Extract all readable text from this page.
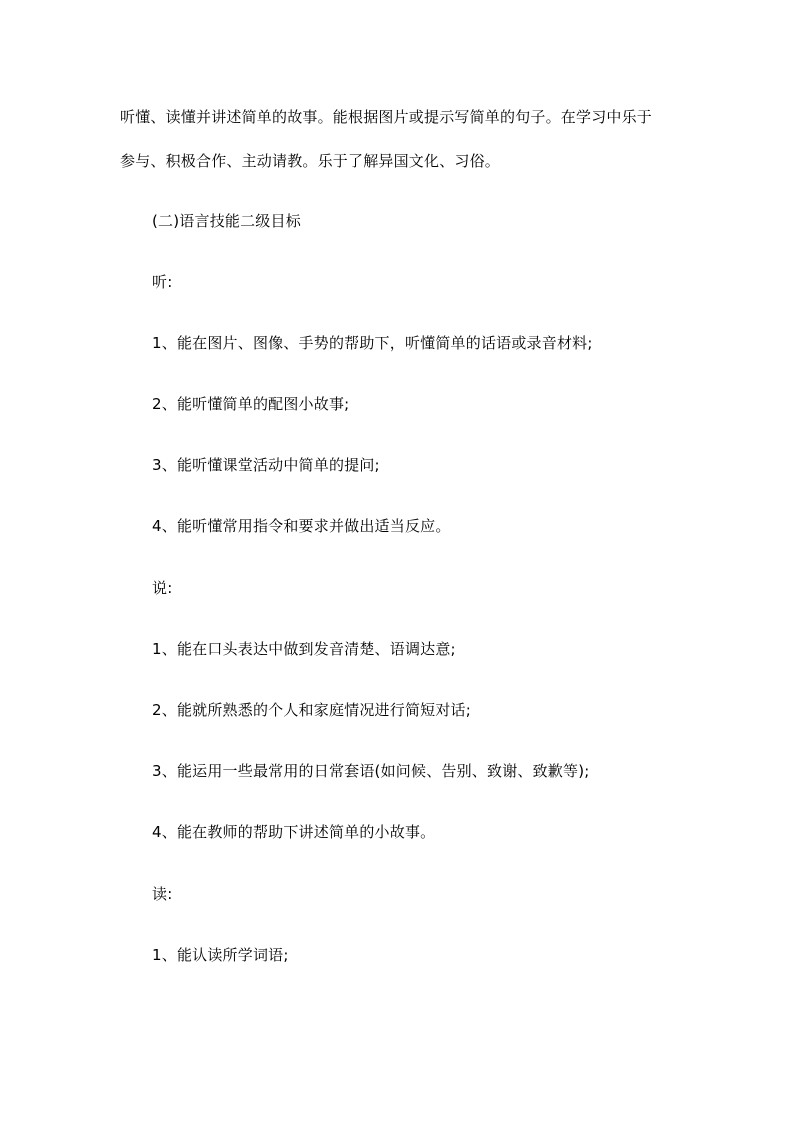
听懂、读懂并讲述简单的故事。能根据图片或提示写简单的句子。在学习中乐于
参与、积极合作、主动请教。乐于了解异国文化、习俗。
(二)语言技能二级目标
听:
1、能在图片、图像、手势的帮助下，听懂简单的话语或录音材料;
2、能听懂简单的配图小故事;
3、能听懂课堂活动中简单的提问;
4、能听懂常用指令和要求并做出适当反应。
说:
1、能在口头表达中做到发音清楚、语调达意;
2、能就所熟悉的个人和家庭情况进行简短对话;
3、能运用一些最常用的日常套语(如问候、告别、致谢、致歉等);
4、能在教师的帮助下讲述简单的小故事。
读:
1、能认读所学词语;
